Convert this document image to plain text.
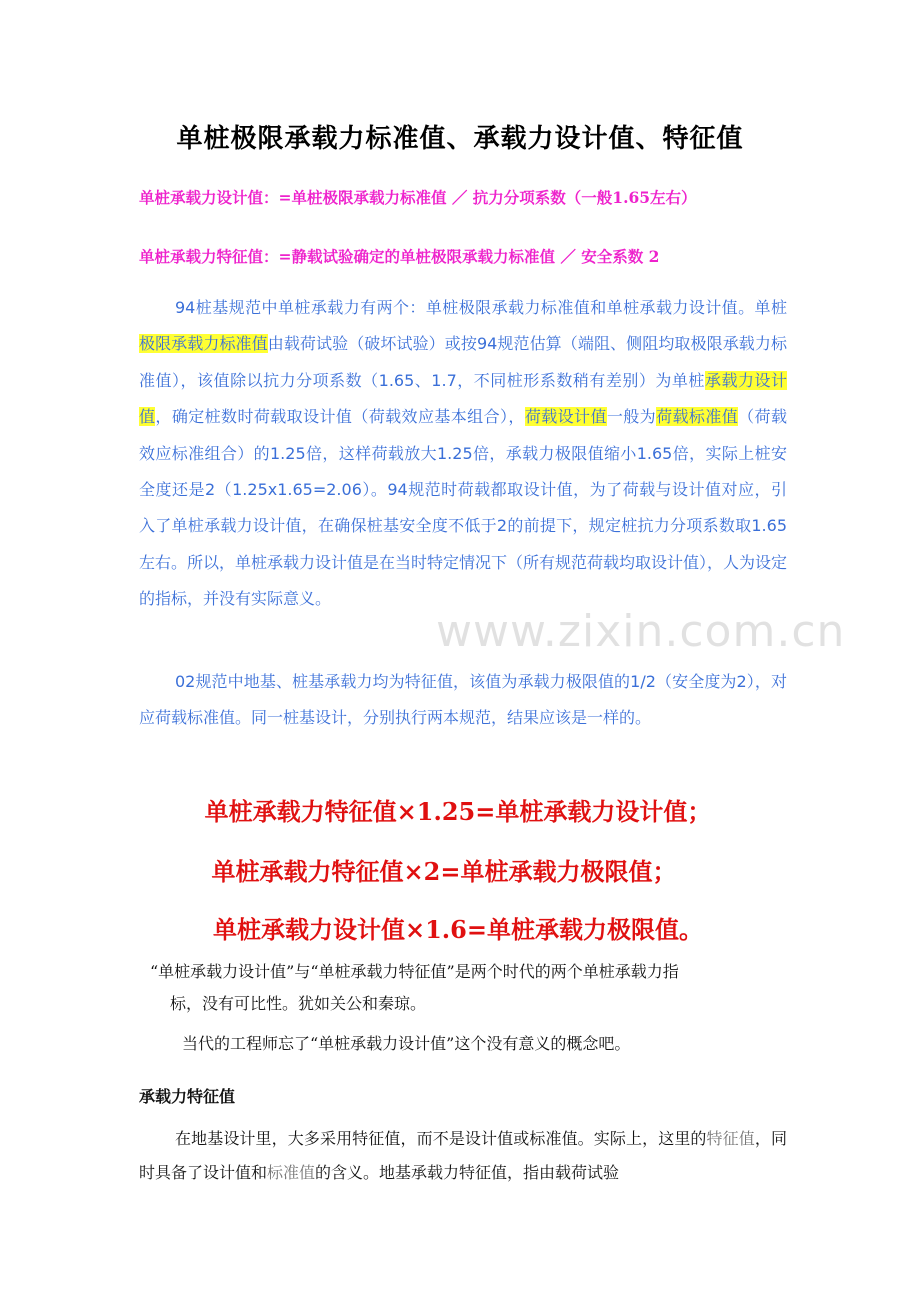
单桩极限承载力标准值、承载力设计值、特征值
单桩承载力设计值：=单桩极限承载力标准值 ／ 抗力分项系数（一般1.65左右）
单桩承载力特征值：=静载试验确定的单桩极限承载力标准值 ／ 安全系数 2
94桩基规范中单桩承载力有两个：单桩极限承载力标准值和单桩承载力设计值。单桩极限承载力标准值由载荷试验（破坏试验）或按94规范估算（端阻、侧阻均取极限承载力标准值），该值除以抗力分项系数（1.65、1.7，不同桩形系数稍有差别）为单桩承载力设计值，确定桩数时荷载取设计值（荷载效应基本组合），荷载设计值一般为荷载标准值（荷载效应标准组合）的1.25倍，这样荷载放大1.25倍，承载力极限值缩小1.65倍，实际上桩安全度还是2（1.25x1.65=2.06）。94规范时荷载都取设计值，为了荷载与设计值对应，引入了单桩承载力设计值，在确保桩基安全度不低于2的前提下，规定桩抗力分项系数取1.65左右。所以，单桩承载力设计值是在当时特定情况下（所有规范荷载均取设计值），人为设定的指标，并没有实际意义。
www.zixin.com.cn
02规范中地基、桩基承载力均为特征值，该值为承载力极限值的1/2（安全度为2），对应荷载标准值。同一桩基设计，分别执行两本规范，结果应该是一样的。
单桩承载力特征值×1.25=单桩承载力设计值；
单桩承载力特征值×2=单桩承载力极限值；
单桩承载力设计值×1.6=单桩承载力极限值。
“单桩承载力设计值”与“单桩承载力特征值”是两个时代的两个单桩承载力指
标，没有可比性。犹如关公和秦琼。
当代的工程师忘了“单桩承载力设计值”这个没有意义的概念吧。
承载力特征值
在地基设计里，大多采用特征值，而不是设计值或标准值。实际上，这里的特征值，同时具备了设计值和标准值的含义。地基承载力特征值，指由载荷试验
